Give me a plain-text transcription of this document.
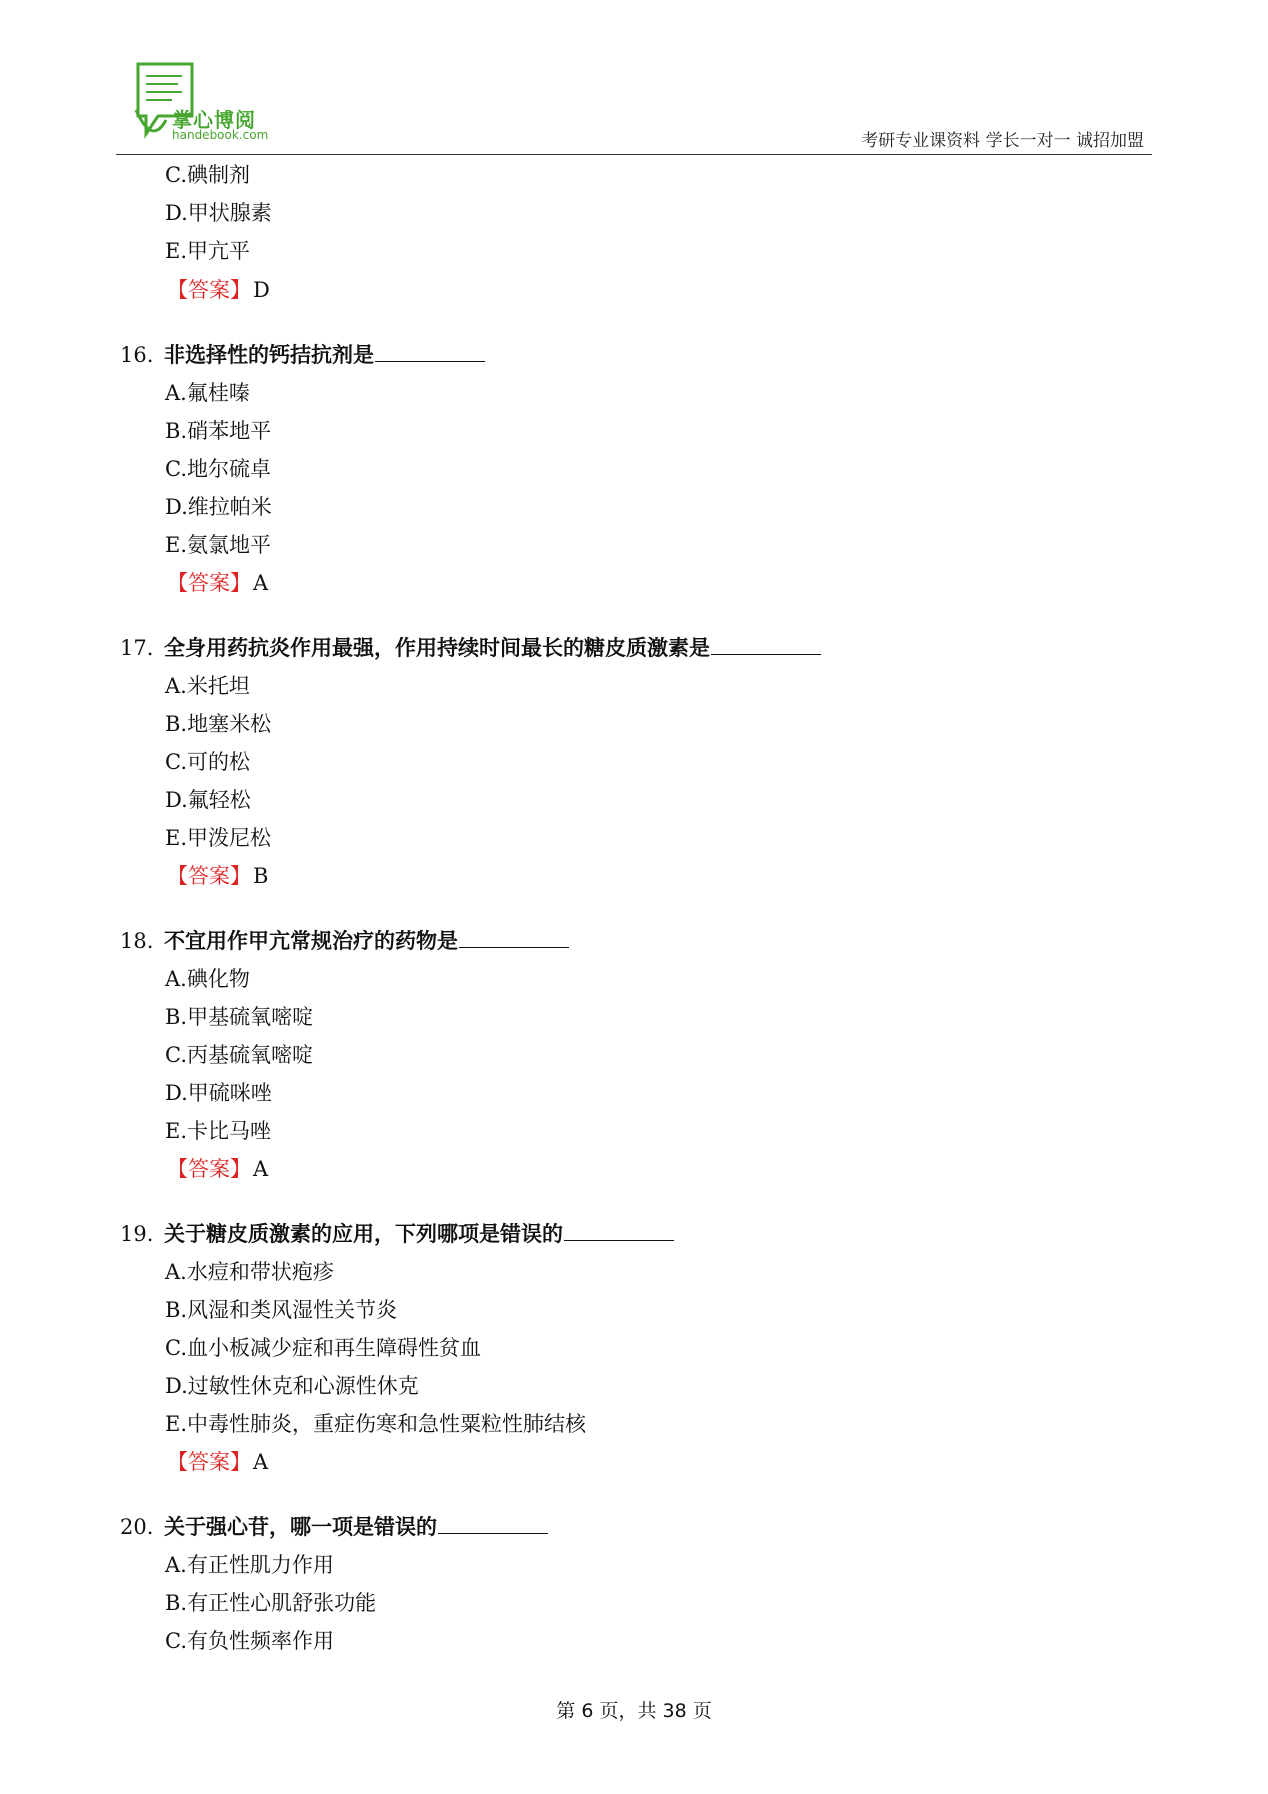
掌心博阅
handebook.com	考研专业课资料 学长一对一 诚招加盟
C.碘制剂
D.甲状腺素
E.甲亢平
【答案】D
16. 非选择性的钙拮抗剂是
A.氟桂嗪
B.硝苯地平
C.地尔硫卓
D.维拉帕米
E.氨氯地平
【答案】A
17. 全身用药抗炎作用最强，作用持续时间最长的糖皮质激素是
A.米托坦
B.地塞米松
C.可的松
D.氟轻松
E.甲泼尼松
【答案】B
18. 不宜用作甲亢常规治疗的药物是
A.碘化物
B.甲基硫氧嘧啶
C.丙基硫氧嘧啶
D.甲硫咪唑
E.卡比马唑
【答案】A
19. 关于糖皮质激素的应用，下列哪项是错误的
A.水痘和带状疱疹
B.风湿和类风湿性关节炎
C.血小板减少症和再生障碍性贫血
D.过敏性休克和心源性休克
E.中毒性肺炎，重症伤寒和急性粟粒性肺结核
【答案】A
20. 关于强心苷，哪一项是错误的
A.有正性肌力作用
B.有正性心肌舒张功能
C.有负性频率作用
第 6 页，共 38 页
